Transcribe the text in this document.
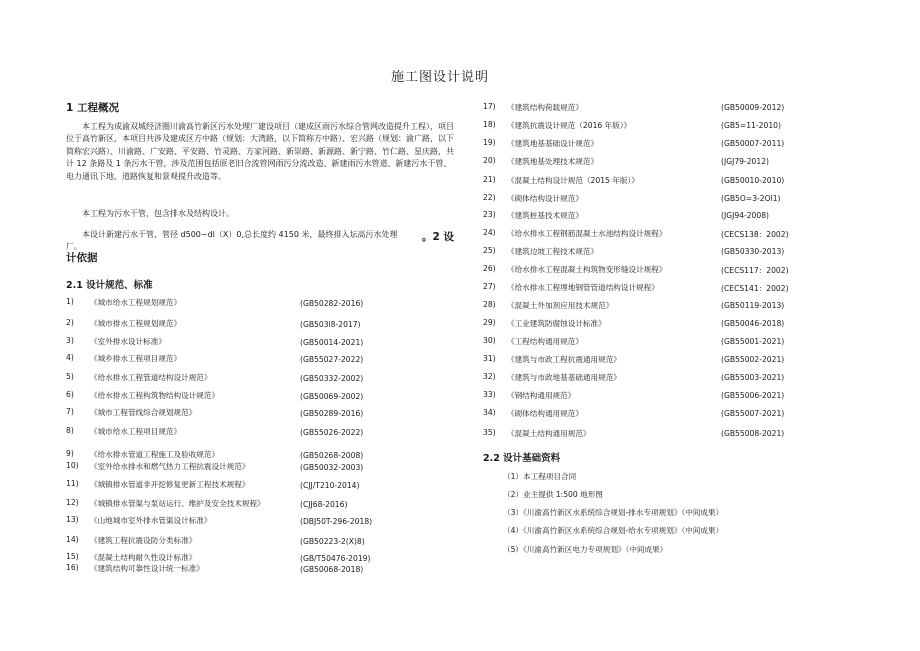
施工图设计说明
1 工程概况
本工程为成渝双城经济圈川渝高竹新区污水处理厂建设项目（建成区雨污水综合管网改造提升工程），项目位于高竹新区，本项目共涉及建成区方中路（规划：大湾路，以下简称方中路）、宏兴路（规划：渝广路，以下简称宏兴路）、川渝路、广安路、平安路、竹灵路、方家河路、新崇路、新源路、新宁路、竹仁路、星庆路，共计 12 条路及 1 条污水干管，涉及范围包括原老旧合流管网雨污分流改造、新建雨污水管道、新建污水干管、电力通讯下地、道路恢复和景观提升改造等。
本工程为污水干管，包含排水及结构设计。
本设计新建污水干管，管径 d500~dl（X）0,总长度约 4150 米，最终排入坛高污水处理厂。
。2 设
计依据
2.1 设计规范、标准
1) 《城市给水工程规划规范》	(GB50282-2016)
2) 《城市排水工程规划规范》	(GB503l8-2017)
3) 《室外排水设计标准》	(GB50014-2021)
4) 《城乡排水工程项目规范》	(GB55027-2022)
5) 《给水排水工程管道结构设计规范》	(GB50332-2002)
6) 《给水排水工程构筑物结构设计规范》	(GB50069-2002)
7) 《城市工程管线综合规划规范》	(GB50289-2016)
8) 《城市给水工程项目规范》	(GB55026-2022)
9) 《给水排水管道工程施工及验收规范》	(GB50268-2008)
10) 《室外给水排水和燃气热力工程抗震设计规范》	(GB50032-2003)
11) 《城镇排水管道非开挖修复更新工程技术规程》	(CJJ/T210-2014)
12) 《城镇排水管渠与泵站运行、维护及安全技术规程》	(CJJ68-2016)
13) 《山地城市室外排水管渠设计标准》	(DBJ50T-296-2018)
14) 《建筑工程抗震设防分类标准》	(GB50223-2(X)8)
15) 《混凝土结构耐久性设计标准》	(GB/T50476-2019)
16) 《建筑结构可靠性设计统一标准》	(GB50068-2018)
17) 《建筑结构荷载规范》	(GB50009-2012)
18) 《建筑抗震设计规范（2016 年版）》	(GB5=11-2010)
19) 《建筑地基基础设计规范》	(GB50007-2011)
20) 《建筑地基处理技术规范》	(JGJ79-2012)
21) 《混凝土结构设计规范（2015 年版）》	(GB50010-2010)
22) 《砌体结构设计规范》	(GB5O=3-2Ol1)
23) 《建筑桩基技术规范》	(JGJ94-2008)
24) 《给水排水工程钢筋混凝土水池结构设计规程》	(CECS138：2002)
25) 《建筑边坡工程技术规范》	(GB50330-2013)
26) 《给水排水工程混凝土构筑物变形缝设计规程》	(CECS117：2002)
27) 《给水排水工程埋地钢管管道结构设计规程》	(CECS141：2002)
28) 《混凝土外加剂应用技术规范》	(GB50119-2013)
29) 《工业建筑防腐蚀设计标准》	(GB50046-2018)
30) 《工程结构通用规范》	(GB55001-2021)
31) 《建筑与市政工程抗震通用规范》	(GB55002-2021)
32) 《建筑与市政地基基础通用规范》	(GB55003-2021)
33) 《钢结构通用规范》	(GB55006-2021)
34) 《砌体结构通用规范》	(GB55007-2021)
35) 《混凝土结构通用规范》	(GB55008-2021)
2.2 设计基础资料
（1）本工程项目合同
（2）业主提供 1:500 地形图
（3）《川渝高竹新区水系统综合规划-排水专项规划》（中间成果）
（4）《川渝高竹新区水系统综合规划-给水专项规划》（中间成果）
（5）《川渝高竹新区电力专项规划》（中间成果）
